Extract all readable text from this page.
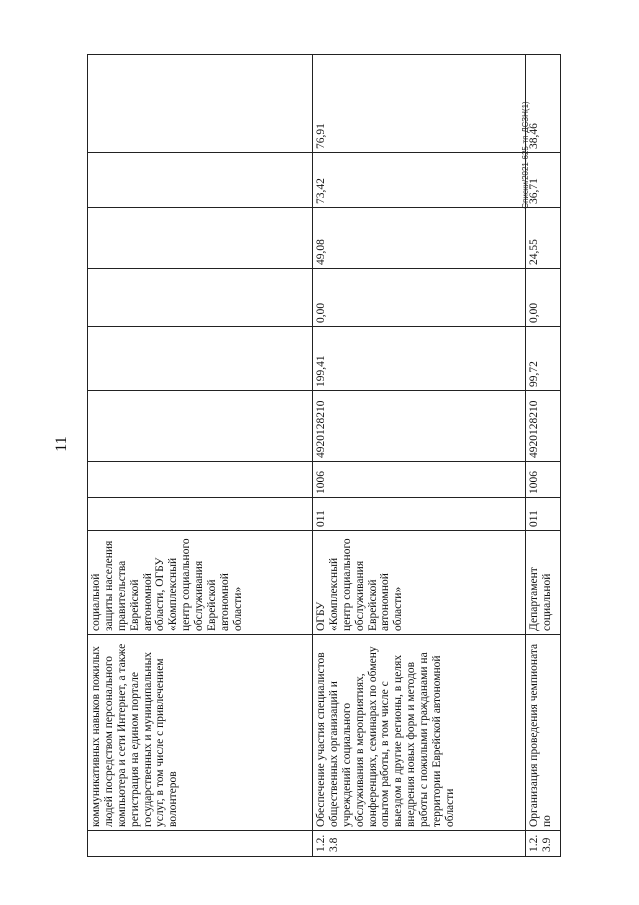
11
Списки/2021-625-тп-ДСЗН(1)
	коммуникативных навыков пожилых людей посредством персонального компьютера и сети Интернет, а также регистрация на едином портале государственных и муниципальных услуг, в том числе с привлечением волонтеров	социальной защиты населения правительства Еврейской автономной области, ОГБУ «Комплексный центр социального обслуживания Еврейской автономной области»								
1.2.3.8	Обеспечение участия специалистов общественных организаций и учреждений социального обслуживания в мероприятиях, конференциях, семинарах по обмену опытом работы, в том числе с выездом в другие регионы, в целях внедрения новых форм и методов работы с пожилыми гражданами на территории Еврейской автономной области	ОГБУ «Комплексный центр социального обслуживания Еврейской автономной области»	011	1006	4920128210	199,41	0,00	49,08	73,42	76,91
1.2.3.9	Организация проведения чемпионата по	Департамент социальной	011	1006	4920128210	99,72	0,00	24,55	36,71	38,46
